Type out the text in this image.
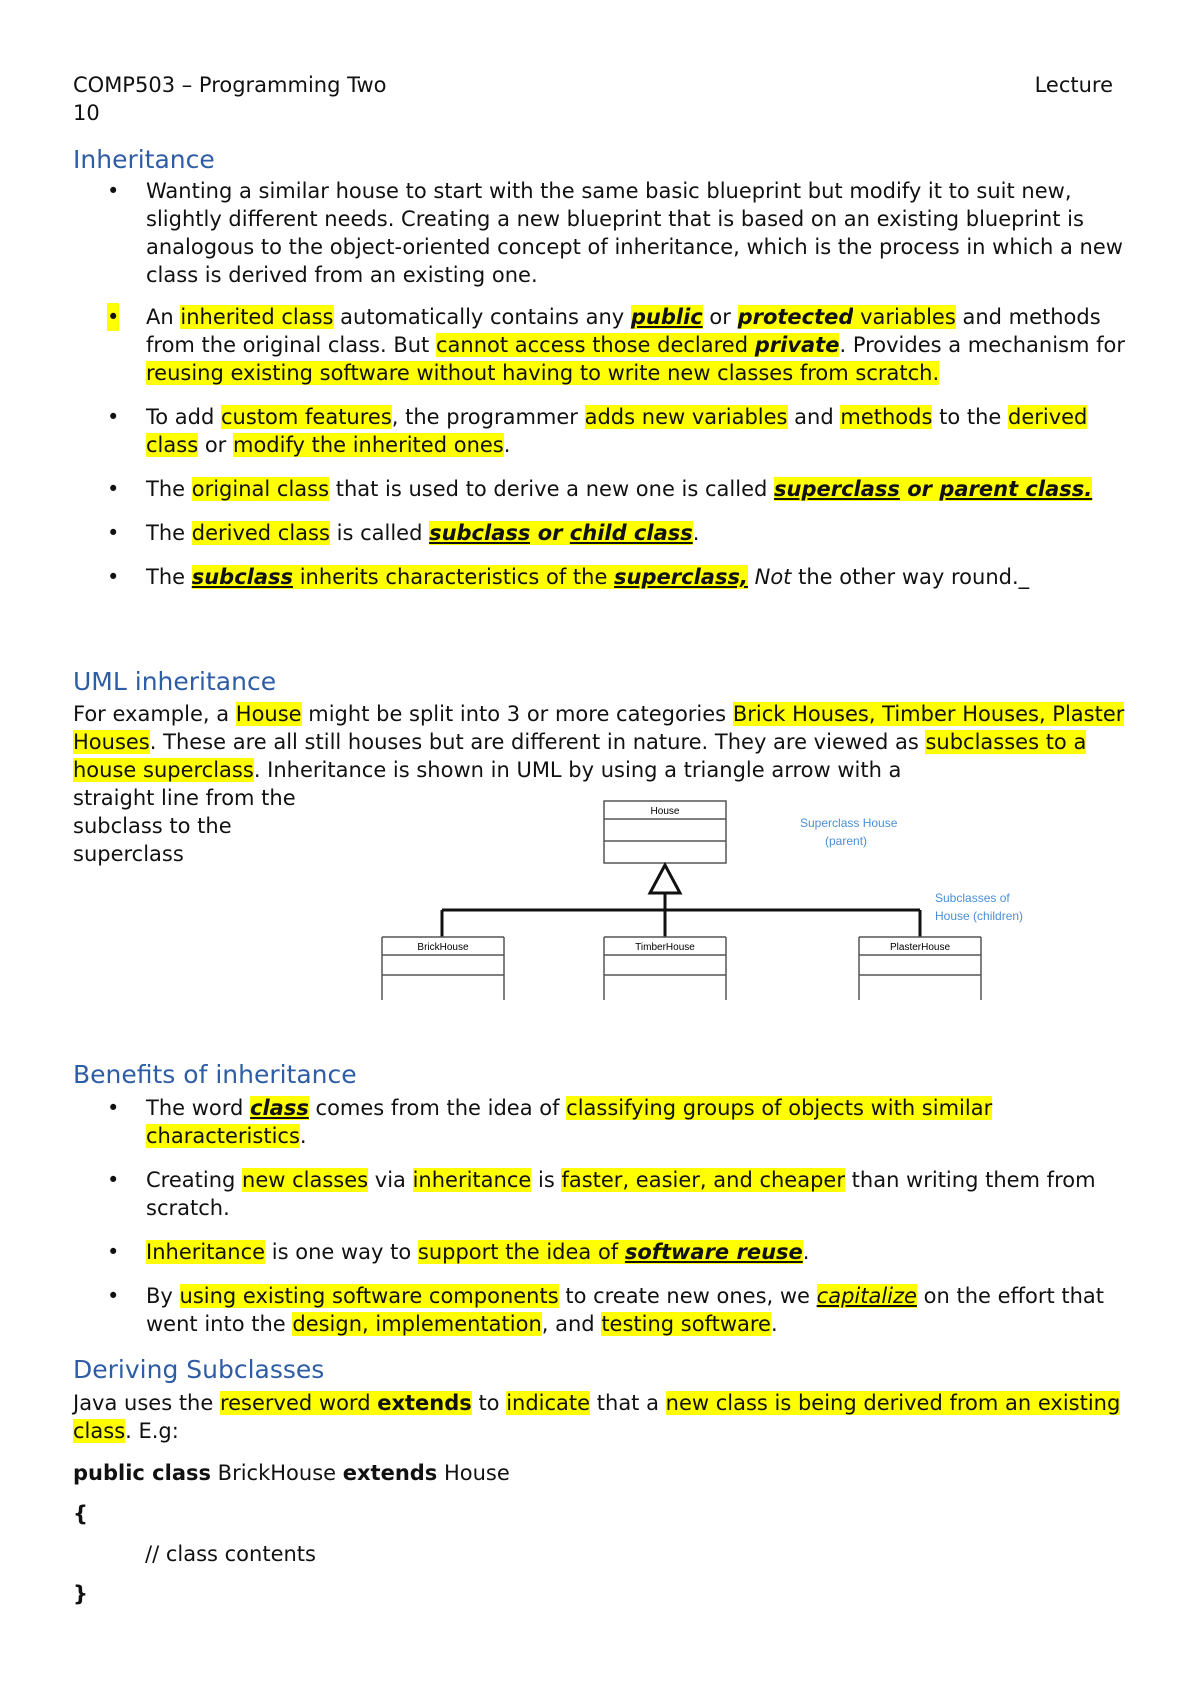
COMP503 – Programming Two	Lecture
10
Inheritance
• Wanting a similar house to start with the same basic blueprint but modify it to suit new, slightly different needs. Creating a new blueprint that is based on an existing blueprint is analogous to the object-oriented concept of inheritance, which is the process in which a new class is derived from an existing one.
• An inherited class automatically contains any public or protected variables and methods from the original class. But cannot access those declared private. Provides a mechanism for reusing existing software without having to write new classes from scratch.
• To add custom features, the programmer adds new variables and methods to the derived class or modify the inherited ones.
• The original class that is used to derive a new one is called superclass or parent class.
• The derived class is called subclass or child class.
• The subclass inherits characteristics of the superclass, Not the other way round._
UML inheritance
For example, a House might be split into 3 or more categories Brick Houses, Timber Houses, Plaster Houses. These are all still houses but are different in nature. They are viewed as subclasses to a house superclass. Inheritance is shown in UML by using a triangle arrow with a
straight line from the
subclass to the
superclass
House
Superclass House
(parent)
Subclasses of
House (children)
BrickHouse	TimberHouse	PlasterHouse
Benefits of inheritance
• The word class comes from the idea of classifying groups of objects with similar characteristics.
• Creating new classes via inheritance is faster, easier, and cheaper than writing them from scratch.
• Inheritance is one way to support the idea of software reuse.
• By using existing software components to create new ones, we capitalize on the effort that went into the design, implementation, and testing software.
Deriving Subclasses
Java uses the reserved word extends to indicate that a new class is being derived from an existing class. E.g:
public class BrickHouse extends House
{
// class contents
}
